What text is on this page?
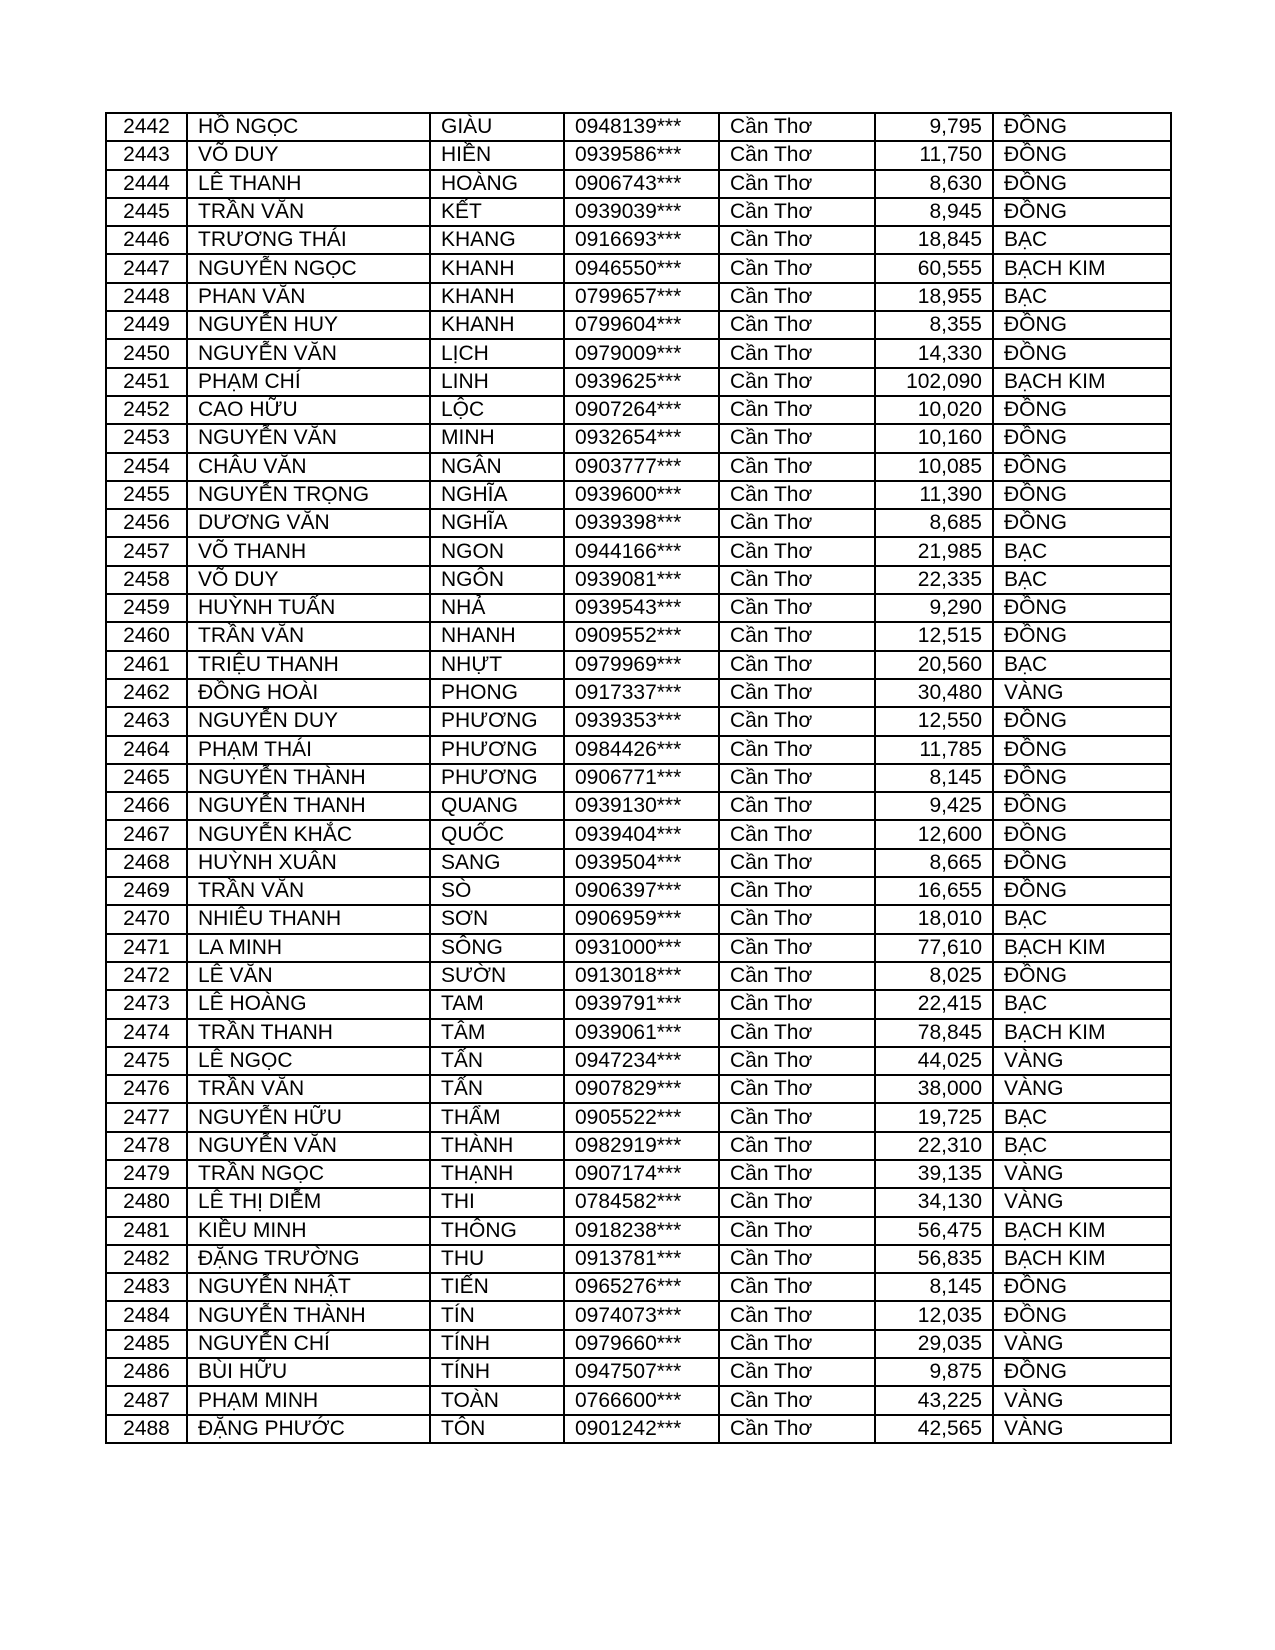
2442	HỒ NGỌC	GIÀU	0948139***	Cần Thơ	9,795	ĐỒNG
2443	VÕ DUY	HIỀN	0939586***	Cần Thơ	11,750	ĐỒNG
2444	LÊ THANH	HOÀNG	0906743***	Cần Thơ	8,630	ĐỒNG
2445	TRẦN VĂN	KẾT	0939039***	Cần Thơ	8,945	ĐỒNG
2446	TRƯƠNG THÁI	KHANG	0916693***	Cần Thơ	18,845	BẠC
2447	NGUYỄN NGỌC	KHANH	0946550***	Cần Thơ	60,555	BẠCH KIM
2448	PHAN VĂN	KHANH	0799657***	Cần Thơ	18,955	BẠC
2449	NGUYỄN HUY	KHANH	0799604***	Cần Thơ	8,355	ĐỒNG
2450	NGUYỄN VĂN	LỊCH	0979009***	Cần Thơ	14,330	ĐỒNG
2451	PHẠM CHÍ	LINH	0939625***	Cần Thơ	102,090	BẠCH KIM
2452	CAO HỮU	LỘC	0907264***	Cần Thơ	10,020	ĐỒNG
2453	NGUYỄN VĂN	MINH	0932654***	Cần Thơ	10,160	ĐỒNG
2454	CHÂU VĂN	NGÂN	0903777***	Cần Thơ	10,085	ĐỒNG
2455	NGUYỄN TRỌNG	NGHĨA	0939600***	Cần Thơ	11,390	ĐỒNG
2456	DƯƠNG VĂN	NGHĨA	0939398***	Cần Thơ	8,685	ĐỒNG
2457	VÕ THANH	NGON	0944166***	Cần Thơ	21,985	BẠC
2458	VÕ DUY	NGÔN	0939081***	Cần Thơ	22,335	BẠC
2459	HUỲNH TUẤN	NHẢ	0939543***	Cần Thơ	9,290	ĐỒNG
2460	TRẦN VĂN	NHANH	0909552***	Cần Thơ	12,515	ĐỒNG
2461	TRIỆU THANH	NHỰT	0979969***	Cần Thơ	20,560	BẠC
2462	ĐỒNG HOÀI	PHONG	0917337***	Cần Thơ	30,480	VÀNG
2463	NGUYỄN DUY	PHƯƠNG	0939353***	Cần Thơ	12,550	ĐỒNG
2464	PHẠM THÁI	PHƯƠNG	0984426***	Cần Thơ	11,785	ĐỒNG
2465	NGUYỄN THÀNH	PHƯƠNG	0906771***	Cần Thơ	8,145	ĐỒNG
2466	NGUYỄN THANH	QUANG	0939130***	Cần Thơ	9,425	ĐỒNG
2467	NGUYỄN KHẮC	QUỐC	0939404***	Cần Thơ	12,600	ĐỒNG
2468	HUỲNH XUÂN	SANG	0939504***	Cần Thơ	8,665	ĐỒNG
2469	TRẦN VĂN	SÒ	0906397***	Cần Thơ	16,655	ĐỒNG
2470	NHIÊU THANH	SƠN	0906959***	Cần Thơ	18,010	BẠC
2471	LA MINH	SÔNG	0931000***	Cần Thơ	77,610	BẠCH KIM
2472	LÊ VĂN	SƯỜN	0913018***	Cần Thơ	8,025	ĐỒNG
2473	LÊ HOÀNG	TAM	0939791***	Cần Thơ	22,415	BẠC
2474	TRẦN THANH	TÂM	0939061***	Cần Thơ	78,845	BẠCH KIM
2475	LÊ NGỌC	TẤN	0947234***	Cần Thơ	44,025	VÀNG
2476	TRẦN VĂN	TẤN	0907829***	Cần Thơ	38,000	VÀNG
2477	NGUYỄN HỮU	THẨM	0905522***	Cần Thơ	19,725	BẠC
2478	NGUYỄN VĂN	THÀNH	0982919***	Cần Thơ	22,310	BẠC
2479	TRẦN NGỌC	THẠNH	0907174***	Cần Thơ	39,135	VÀNG
2480	LÊ THỊ DIỄM	THI	0784582***	Cần Thơ	34,130	VÀNG
2481	KIỀU MINH	THÔNG	0918238***	Cần Thơ	56,475	BẠCH KIM
2482	ĐẶNG TRƯỜNG	THU	0913781***	Cần Thơ	56,835	BẠCH KIM
2483	NGUYỄN NHẬT	TIẾN	0965276***	Cần Thơ	8,145	ĐỒNG
2484	NGUYỄN THÀNH	TÍN	0974073***	Cần Thơ	12,035	ĐỒNG
2485	NGUYỄN CHÍ	TÍNH	0979660***	Cần Thơ	29,035	VÀNG
2486	BÙI HỮU	TÍNH	0947507***	Cần Thơ	9,875	ĐỒNG
2487	PHẠM MINH	TOÀN	0766600***	Cần Thơ	43,225	VÀNG
2488	ĐẶNG PHƯỚC	TÔN	0901242***	Cần Thơ	42,565	VÀNG
